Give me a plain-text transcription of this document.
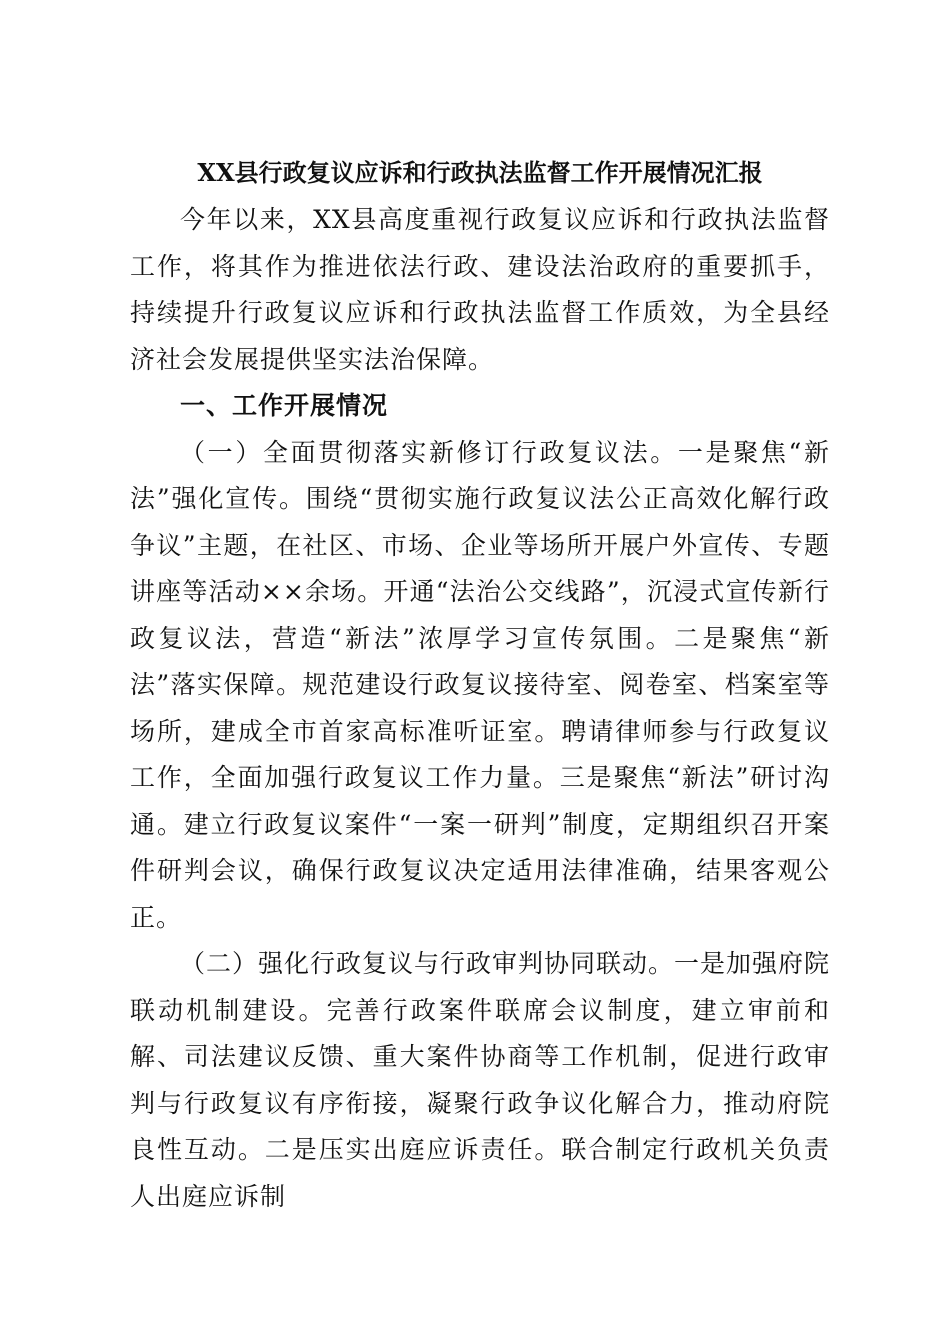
XX县行政复议应诉和行政执法监督工作开展情况汇报

今年以来，XX县高度重视行政复议应诉和行政执法监督工作，将其作为推进依法行政、建设法治政府的重要抓手，持续提升行政复议应诉和行政执法监督工作质效，为全县经济社会发展提供坚实法治保障。

一、工作开展情况

（一）全面贯彻落实新修订行政复议法。一是聚焦“新法”强化宣传。围绕“贯彻实施行政复议法公正高效化解行政争议”主题，在社区、市场、企业等场所开展户外宣传、专题讲座等活动××余场。开通“法治公交线路”，沉浸式宣传新行政复议法，营造“新法”浓厚学习宣传氛围。二是聚焦“新法”落实保障。规范建设行政复议接待室、阅卷室、档案室等场所，建成全市首家高标准听证室。聘请律师参与行政复议工作，全面加强行政复议工作力量。三是聚焦“新法”研讨沟通。建立行政复议案件“一案一研判”制度，定期组织召开案件研判会议，确保行政复议决定适用法律准确，结果客观公正。

（二）强化行政复议与行政审判协同联动。一是加强府院联动机制建设。完善行政案件联席会议制度，建立审前和解、司法建议反馈、重大案件协商等工作机制，促进行政审判与行政复议有序衔接，凝聚行政争议化解合力，推动府院良性互动。二是压实出庭应诉责任。联合制定行政机关负责人出庭应诉制
